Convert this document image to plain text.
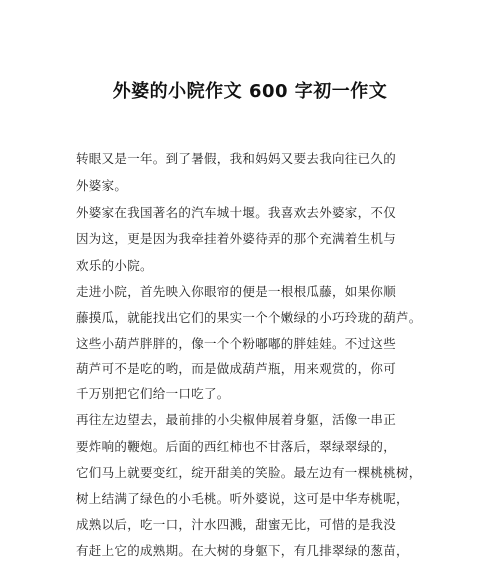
外婆的小院作文 600 字初一作文
转眼又是一年。到了暑假，我和妈妈又要去我向往已久的
外婆家。
外婆家在我国著名的汽车城十堰。我喜欢去外婆家，不仅
因为这，更是因为我牵挂着外婆待弄的那个充满着生机与
欢乐的小院。
走进小院，首先映入你眼帘的便是一根根瓜藤，如果你顺
藤摸瓜，就能找出它们的果实一个个嫩绿的小巧玲珑的葫芦。
这些小葫芦胖胖的，像一个个粉嘟嘟的胖娃娃。不过这些
葫芦可不是吃的哟，而是做成葫芦瓶，用来观赏的，你可
千万别把它们给一口吃了。
再往左边望去，最前排的小尖椒伸展着身躯，活像一串正
要炸响的鞭炮。后面的西红柿也不甘落后，翠绿翠绿的，
它们马上就要变红，绽开甜美的笑脸。最左边有一棵桃桃树，
树上结满了绿色的小毛桃。听外婆说，这可是中华寿桃呢，
成熟以后，吃一口，汁水四溅，甜蜜无比，可惜的是我没
有赶上它的成熟期。在大树的身躯下，有几排翠绿的葱苗，
